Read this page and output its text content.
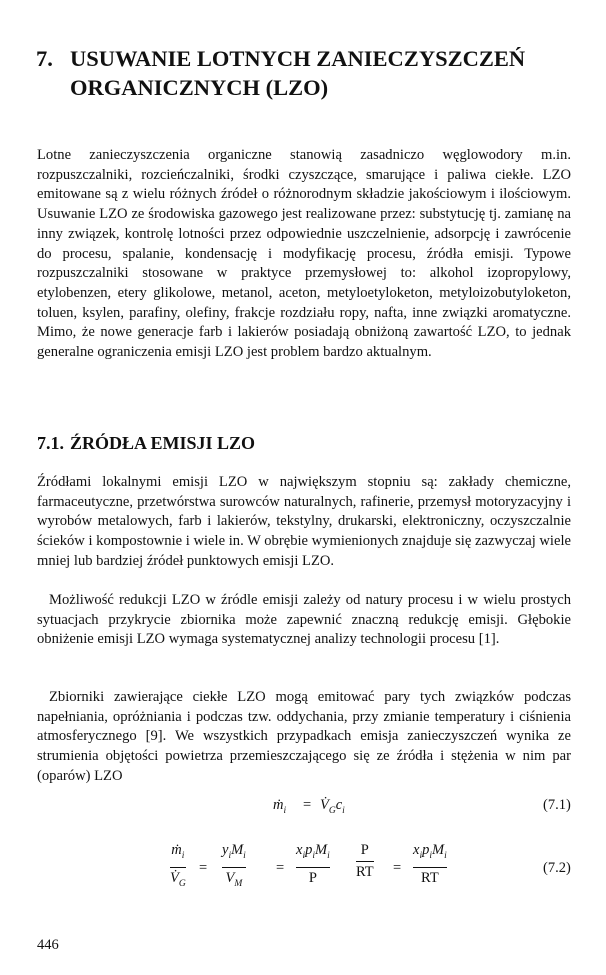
7. USUWANIE LOTNYCH ZANIECZYSZCZEŃ
ORGANICZNYCH (LZO)

Lotne zanieczyszczenia organiczne stanowią zasadniczo węglowodory m.in. rozpuszczalniki, rozcieńczalniki, środki czyszczące, smarujące i paliwa ciekłe. LZO emitowane są z wielu różnych źródeł o różnorodnym składzie jakościowym i ilościowym. Usuwanie LZO ze środowiska gazowego jest realizowane przez: substytucję tj. zamianę na inny związek, kontrolę lotności przez odpowiednie uszczelnienie, adsorpcję i zawrócenie do procesu, spalanie, kondensację i modyfikację procesu, źródła emisji. Typowe rozpuszczalniki stosowane w praktyce przemysłowej to: alkohol izopropylowy, etylobenzen, etery glikolowe, metanol, aceton, metyloetyloketon, metyloizobutyloketon, toluen, ksylen, parafiny, olefiny, frakcje rozdziału ropy, nafta, inne związki aromatyczne. Mimo, że nowe generacje farb i lakierów posiadają obniżoną zawartość LZO, to jednak generalne ograniczenia emisji LZO jest problem bardzo aktualnym.

7.1. ŹRÓDŁA EMISJI LZO

Źródłami lokalnymi emisji LZO w największym stopniu są: zakłady chemiczne, farmaceutyczne, przetwórstwa surowców naturalnych, rafinerie, przemysł motoryzacyjny i wyrobów metalowych, farb i lakierów, tekstylny, drukarski, elektroniczny, oczyszczalnie ścieków i kompostownie i wiele in. W obrębie wymienionych znajduje się zazwyczaj wiele mniej lub bardziej źródeł punktowych emisji LZO.

Możliwość redukcji LZO w źródle emisji zależy od natury procesu i w wielu prostych sytuacjach przykrycie zbiornika może zapewnić znaczną redukcję emisji. Głębokie obniżenie emisji LZO wymaga systematycznej analizy technologii procesu [1].

Zbiorniki zawierające ciekłe LZO mogą emitować pary tych związków podczas napełniania, opróżniania i podczas tzw. oddychania, przy zmianie temperatury i ciśnienia atmosferycznego [9]. We wszystkich przypadkach emisja zanieczyszczeń wynika ze strumienia objętości powietrza przemieszczającego się ze źródła i stężenia w nim par (oparów) LZO

ṁ$_i$ = $V̇_Gc_i$	(7.1)
ṁ$_i$
$V̇_G$
=
$y_iM_i$
$V_M$
=
$x_ip_iM_i$
P
P
RT =
$x_ip_iM_i$
RT
(7.2)
446
